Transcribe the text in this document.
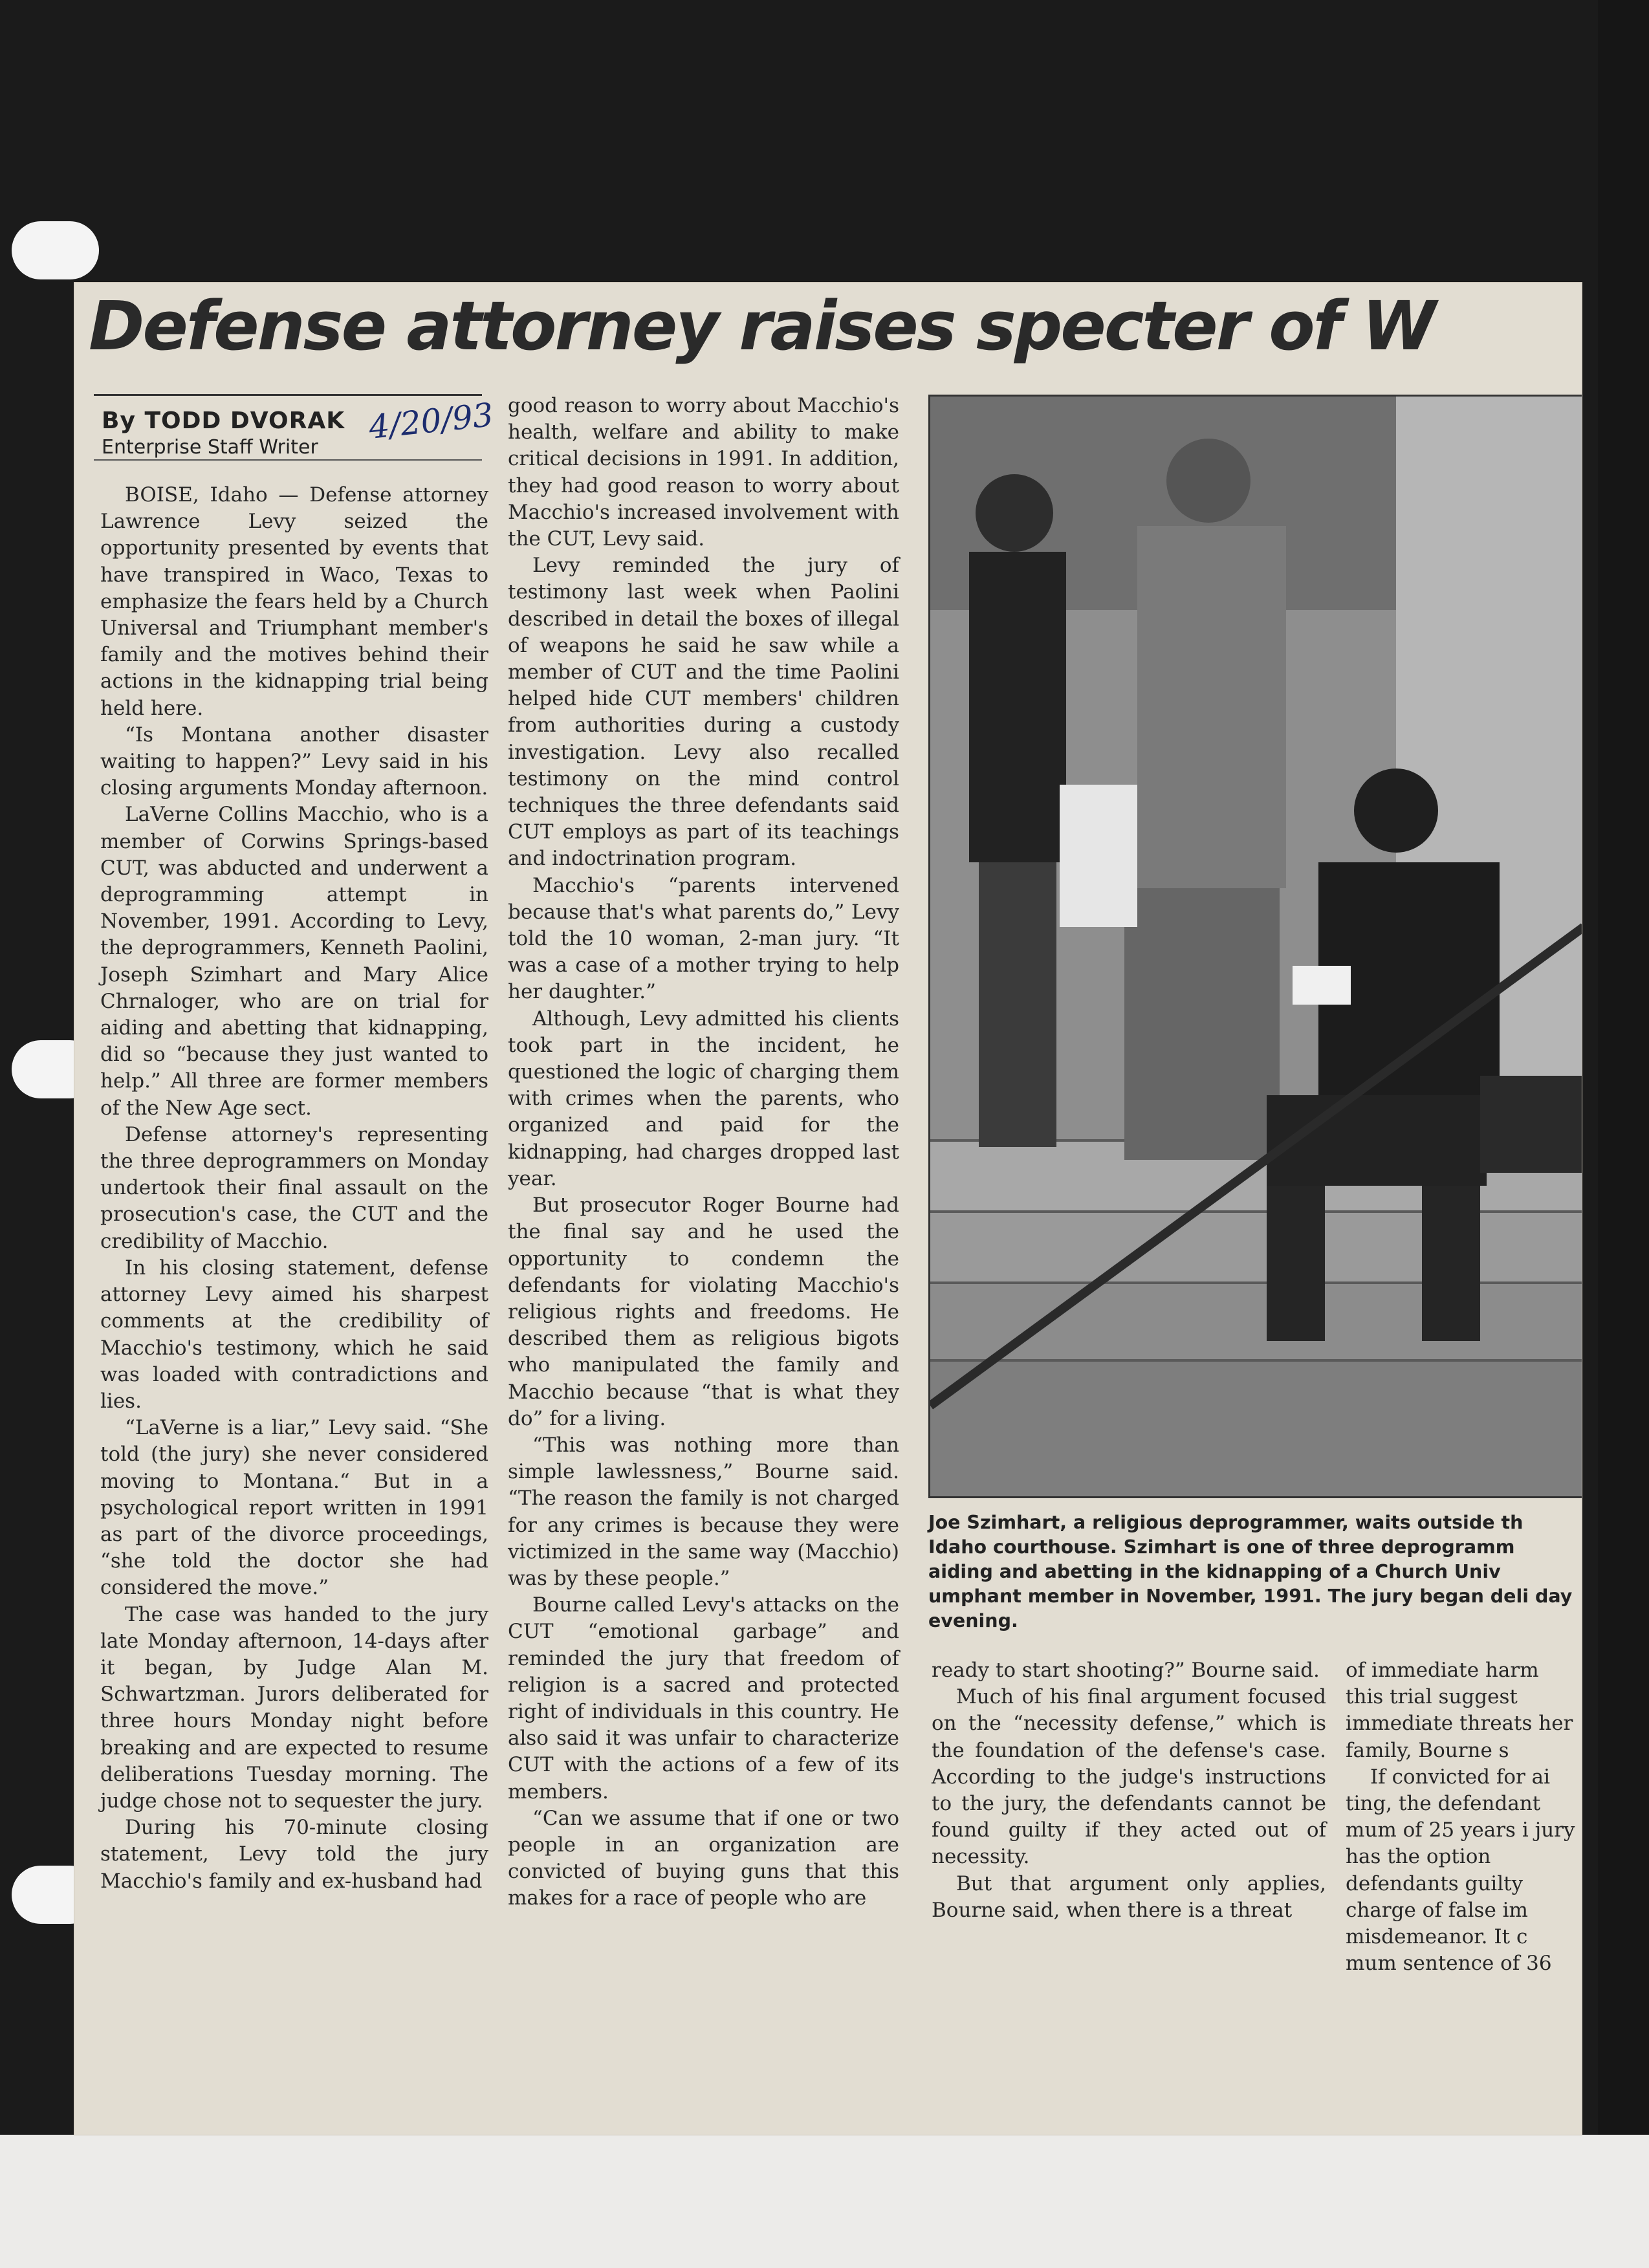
Defense attorney raises specter of W
By TODD DVORAK
Enterprise Staff Writer
4/20/93

BOISE, Idaho — Defense attorney Lawrence Levy seized the opportunity presented by events that have transpired in Waco, Texas to emphasize the fears held by a Church Universal and Triumphant member's family and the motives behind their actions in the kidnapping trial being held here.

“Is Montana another disaster waiting to happen?” Levy said in his closing arguments Monday afternoon.

LaVerne Collins Macchio, who is a member of Corwins Springs-based CUT, was abducted and underwent a deprogramming attempt in November, 1991. According to Levy, the deprogrammers, Kenneth Paolini, Joseph Szimhart and Mary Alice Chrnaloger, who are on trial for aiding and abetting that kidnapping, did so “because they just wanted to help.” All three are former members of the New Age sect.

Defense attorney's representing the three deprogrammers on Monday undertook their final assault on the prosecution's case, the CUT and the credibility of Macchio.

In his closing statement, defense attorney Levy aimed his sharpest comments at the credibility of Macchio's testimony, which he said was loaded with contradictions and lies.

“LaVerne is a liar,” Levy said. “She told (the jury) she never considered moving to Montana.“ But in a psychological report written in 1991 as part of the divorce proceedings, “she told the doctor she had considered the move.”

The case was handed to the jury late Monday afternoon, 14-days after it began, by Judge Alan M. Schwartzman. Jurors deliberated for three hours Monday night before breaking and are expected to resume deliberations Tuesday morning. The judge chose not to sequester the jury.

During his 70-minute closing statement, Levy told the jury Macchio's family and ex-husband had

good reason to worry about Macchio's health, welfare and ability to make critical decisions in 1991. In addition, they had good reason to worry about Macchio's increased involvement with the CUT, Levy said.

Levy reminded the jury of testimony last week when Paolini described in detail the boxes of illegal of weapons he said he saw while a member of CUT and the time Paolini helped hide CUT members' children from authorities during a custody investigation. Levy also recalled testimony on the mind control techniques the three defendants said CUT employs as part of its teachings and indoctrination program.

Macchio's “parents intervened because that's what parents do,” Levy told the 10 woman, 2-man jury. “It was a case of a mother trying to help her daughter.”

Although, Levy admitted his clients took part in the incident, he questioned the logic of charging them with crimes when the parents, who organized and paid for the kidnapping, had charges dropped last year.

But prosecutor Roger Bourne had the final say and he used the opportunity to condemn the defendants for violating Macchio's religious rights and freedoms. He described them as religious bigots who manipulated the family and Macchio because “that is what they do” for a living.

“This was nothing more than simple lawlessness,” Bourne said. “The reason the family is not charged for any crimes is because they were victimized in the same way (Macchio) was by these people.”

Bourne called Levy's attacks on the CUT “emotional garbage” and reminded the jury that freedom of religion is a sacred and protected right of individuals in this country. He also said it was unfair to characterize CUT with the actions of a few of its members.

“Can we assume that if one or two people in an organization are convicted of buying guns that this makes for a race of people who are

Joe Szimhart, a religious deprogrammer, waits outside th Idaho courthouse. Szimhart is one of three deprogramm aiding and abetting in the kidnapping of a Church Univ umphant member in November, 1991. The jury began deli day evening.

ready to start shooting?” Bourne said.

Much of his final argument focused on the “necessity defense,” which is the foundation of the defense's case. According to the judge's instructions to the jury, the defendants cannot be found guilty if they acted out of necessity.

But that argument only applies, Bourne said, when there is a threat

of immediate harm this trial suggest immediate threats her family, Bourne s

If convicted for ai ting, the defendant mum of 25 years i jury has the option defendants guilty charge of false im misdemeanor. It c mum sentence of 36
